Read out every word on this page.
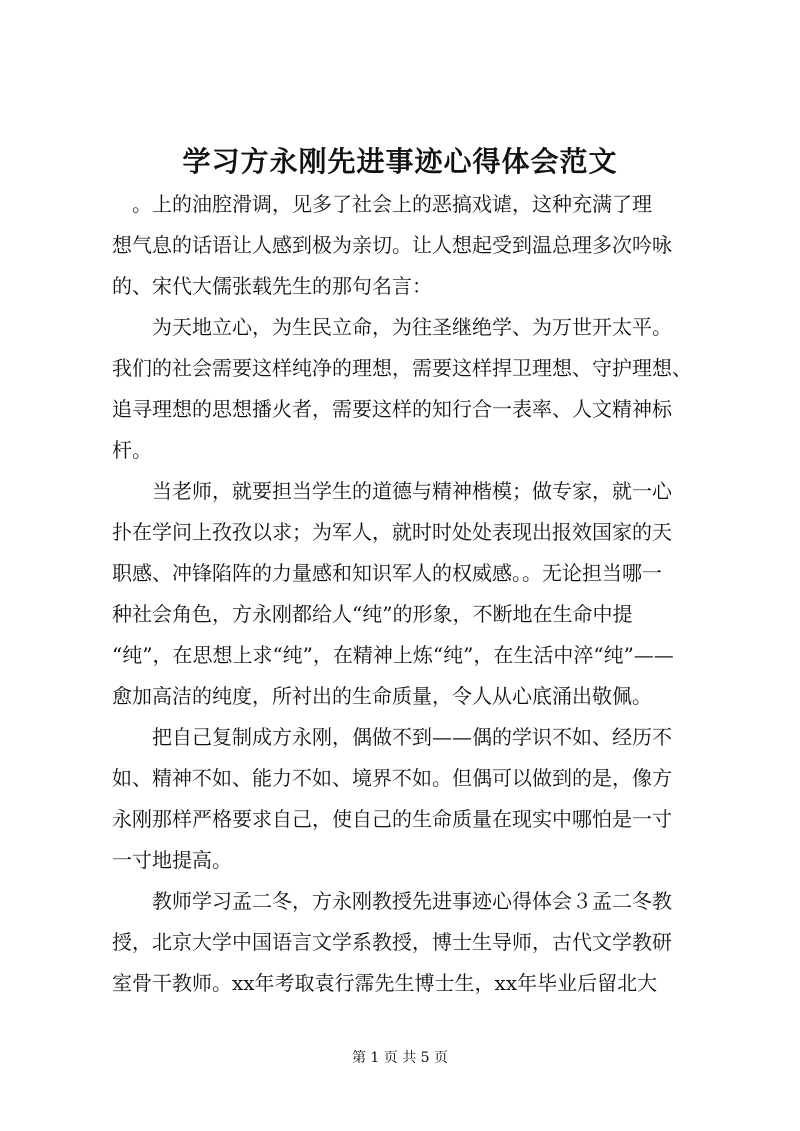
学习方永刚先进事迹心得体会范文
　。上的油腔滑调，见多了社会上的恶搞戏谑，这种充满了理
想气息的话语让人感到极为亲切。让人想起受到温总理多次吟咏
的、宋代大儒张载先生的那句名言：
　　为天地立心，为生民立命，为往圣继绝学、为万世开太平。
我们的社会需要这样纯净的理想，需要这样捍卫理想、守护理想、
追寻理想的思想播火者，需要这样的知行合一表率、人文精神标
杆。
　　当老师，就要担当学生的道德与精神楷模；做专家，就一心
扑在学问上孜孜以求；为军人，就时时处处表现出报效国家的天
职感、冲锋陷阵的力量感和知识军人的权威感。。无论担当哪一
种社会角色，方永刚都给人“纯”的形象，不断地在生命中提
“纯”，在思想上求“纯”，在精神上炼“纯”，在生活中淬“纯”——
愈加高洁的纯度，所衬出的生命质量，令人从心底涌出敬佩。
　　把自己复制成方永刚，偶做不到——偶的学识不如、经历不
如、精神不如、能力不如、境界不如。但偶可以做到的是，像方
永刚那样严格要求自己，使自己的生命质量在现实中哪怕是一寸
一寸地提高。
　　教师学习孟二冬，方永刚教授先进事迹心得体会３孟二冬教
授，北京大学中国语言文学系教授，博士生导师，古代文学教研
室骨干教师。xx年考取袁行霈先生博士生，xx年毕业后留北大
第 1 页 共 5 页
